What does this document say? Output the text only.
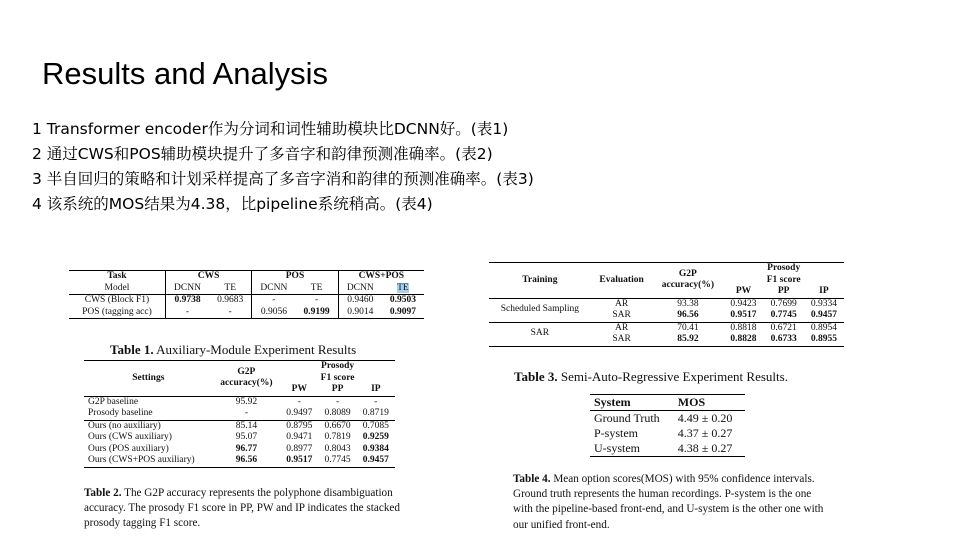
Results and Analysis
1 Transformer encoder作为分词和词性辅助模块比DCNN好。(表1)
2 通过CWS和POS辅助模块提升了多音字和韵律预测准确率。(表2)
3 半自回归的策略和计划采样提高了多音字消和韵律的预测准确率。(表3)
4 该系统的MOS结果为4.38，比pipeline系统稍高。(表4)
Task	CWS		POS		CWS+POS	
Model	DCNN	TE	DCNN	TE	DCNN	TE
CWS (Block F1)	0.9738	0.9683	-	-	0.9460	0.9503
POS (tagging acc)	-	-	0.9056	0.9199	0.9014	0.9097
Table 1. Auxiliary-Module Experiment Results
Settings	G2P
accuracy(%)	Prosody
F1 score		
		PW	PP	IP
G2P baseline	95.92	-	-	-
Prosody baseline	-	0.9497	0.8089	0.8719
Ours (no auxiliary)	85.14	0.8795	0.6670	0.7085
Ours (CWS auxiliary)	95.07	0.9471	0.7819	0.9259
Ours (POS auxiliary)	96.77	0.8977	0.8043	0.9384
Ours (CWS+POS auxiliary)	96.56	0.9517	0.7745	0.9457
Table 2. The G2P accuracy represents the polyphone disambiguation accuracy. The prosody F1 score in PP, PW and IP indicates the stacked prosody tagging F1 score.
Training	Evaluation	G2P
accuracy(%)	Prosody
F1 score		
			PW	PP	IP
Scheduled Sampling	AR	93.38	0.9423	0.7699	0.9334
	SAR	96.56	0.9517	0.7745	0.9457
SAR	AR	70.41	0.8818	0.6721	0.8954
	SAR	85.92	0.8828	0.6733	0.8955
Table 3. Semi-Auto-Regressive Experiment Results.
System	MOS
Ground Truth	4.49 ± 0.20
P-system	4.37 ± 0.27
U-system	4.38 ± 0.27
Table 4. Mean option scores(MOS) with 95% confidence intervals. Ground truth represents the human recordings. P-system is the one with the pipeline-based front-end, and U-system is the other one with our unified front-end.
